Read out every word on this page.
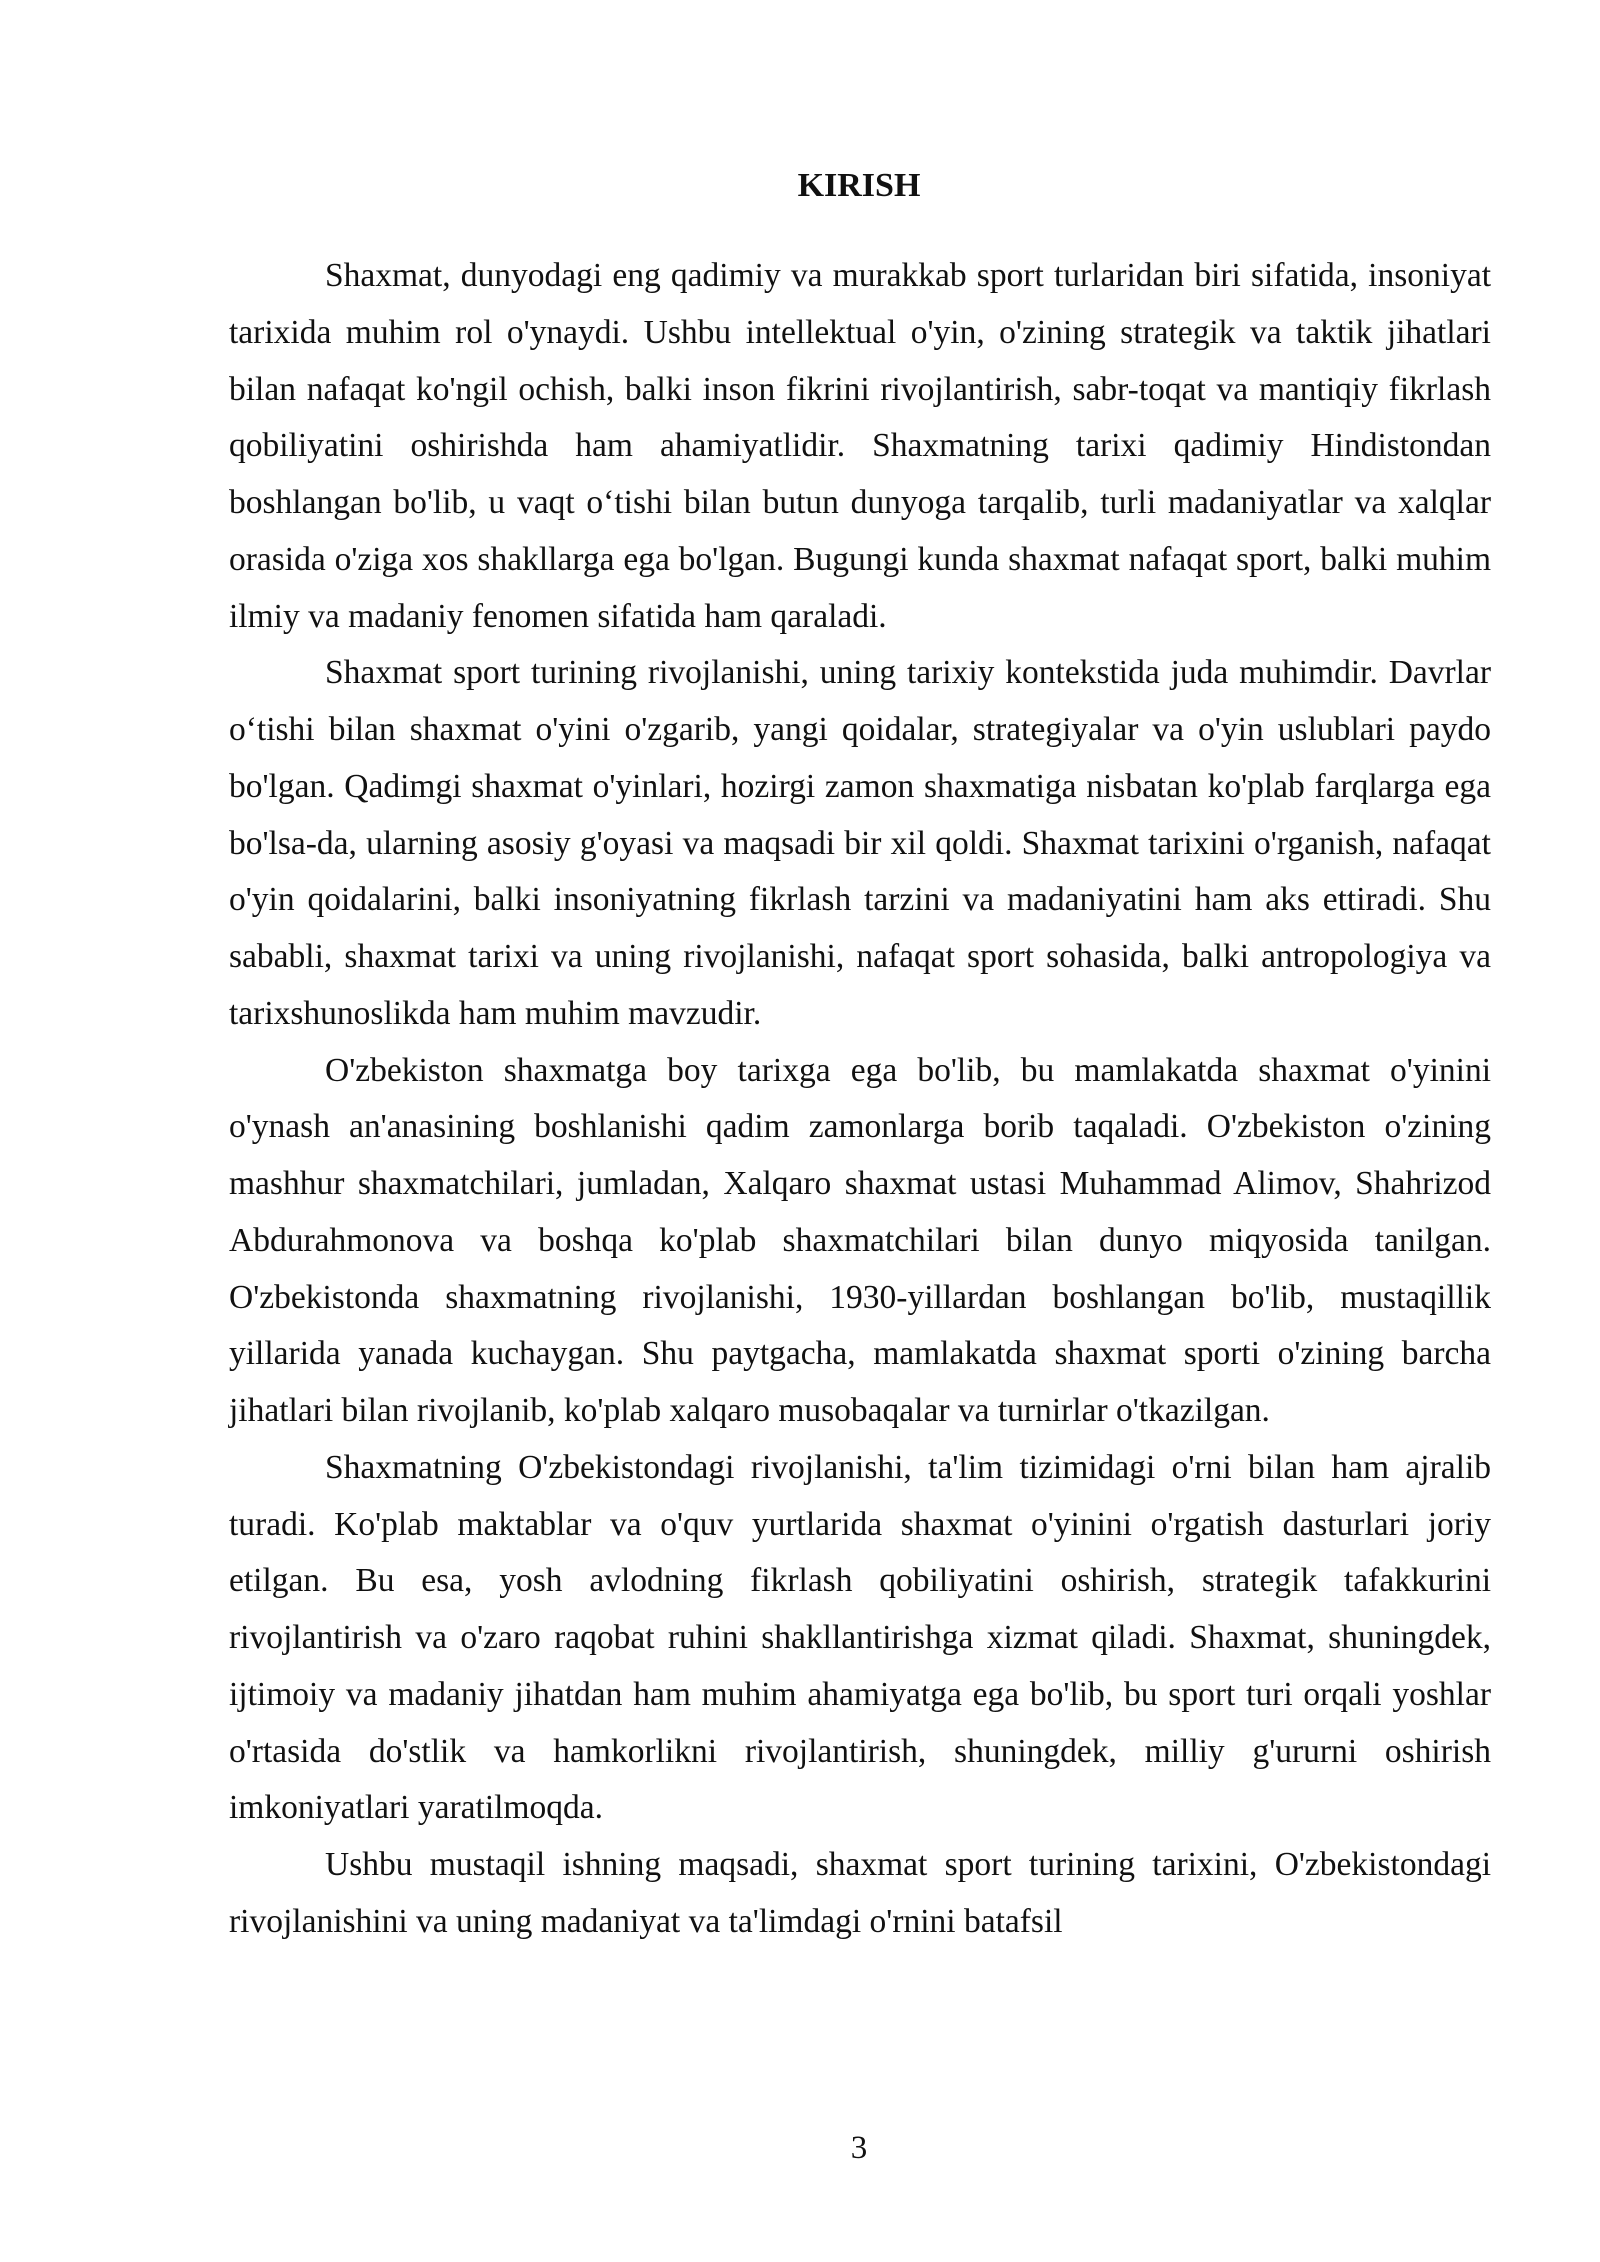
KIRISH

Shaxmat, dunyodagi eng qadimiy va murakkab sport turlaridan biri sifatida, insoniyat tarixida muhim rol o'ynaydi. Ushbu intellektual o'yin, o'zining strategik va taktik jihatlari bilan nafaqat ko'ngil ochish, balki inson fikrini rivojlantirish, sabr-toqat va mantiqiy fikrlash qobiliyatini oshirishda ham ahamiyatlidir. Shaxmatning tarixi qadimiy Hindistondan boshlangan bo'lib, u vaqt o‘tishi bilan butun dunyoga tarqalib, turli madaniyatlar va xalqlar orasida o'ziga xos shakllarga ega bo'lgan. Bugungi kunda shaxmat nafaqat sport, balki muhim ilmiy va madaniy fenomen sifatida ham qaraladi.

Shaxmat sport turining rivojlanishi, uning tarixiy kontekstida juda muhimdir. Davrlar o‘tishi bilan shaxmat o'yini o'zgarib, yangi qoidalar, strategiyalar va o'yin uslublari paydo bo'lgan. Qadimgi shaxmat o'yinlari, hozirgi zamon shaxmatiga nisbatan ko'plab farqlarga ega bo'lsa-da, ularning asosiy g'oyasi va maqsadi bir xil qoldi. Shaxmat tarixini o'rganish, nafaqat o'yin qoidalarini, balki insoniyatning fikrlash tarzini va madaniyatini ham aks ettiradi. Shu sababli, shaxmat tarixi va uning rivojlanishi, nafaqat sport sohasida, balki antropologiya va tarixshunoslikda ham muhim mavzudir.

O'zbekiston shaxmatga boy tarixga ega bo'lib, bu mamlakatda shaxmat o'yinini o'ynash an'anasining boshlanishi qadim zamonlarga borib taqaladi. O'zbekiston o'zining mashhur shaxmatchilari, jumladan, Xalqaro shaxmat ustasi Muhammad Alimov, Shahrizod Abdurahmonova va boshqa ko'plab shaxmatchilari bilan dunyo miqyosida tanilgan. O'zbekistonda shaxmatning rivojlanishi, 1930-yillardan boshlangan bo'lib, mustaqillik yillarida yanada kuchaygan. Shu paytgacha, mamlakatda shaxmat sporti o'zining barcha jihatlari bilan rivojlanib, ko'plab xalqaro musobaqalar va turnirlar o'tkazilgan.

Shaxmatning O'zbekistondagi rivojlanishi, ta'lim tizimidagi o'rni bilan ham ajralib turadi. Ko'plab maktablar va o'quv yurtlarida shaxmat o'yinini o'rgatish dasturlari joriy etilgan. Bu esa, yosh avlodning fikrlash qobiliyatini oshirish, strategik tafakkurini rivojlantirish va o'zaro raqobat ruhini shakllantirishga xizmat qiladi. Shaxmat, shuningdek, ijtimoiy va madaniy jihatdan ham muhim ahamiyatga ega bo'lib, bu sport turi orqali yoshlar o'rtasida do'stlik va hamkorlikni rivojlantirish, shuningdek, milliy g'ururni oshirish imkoniyatlari yaratilmoqda.

Ushbu mustaqil ishning maqsadi, shaxmat sport turining tarixini, O'zbekistondagi rivojlanishini va uning madaniyat va ta'limdagi o'rnini batafsil

3
